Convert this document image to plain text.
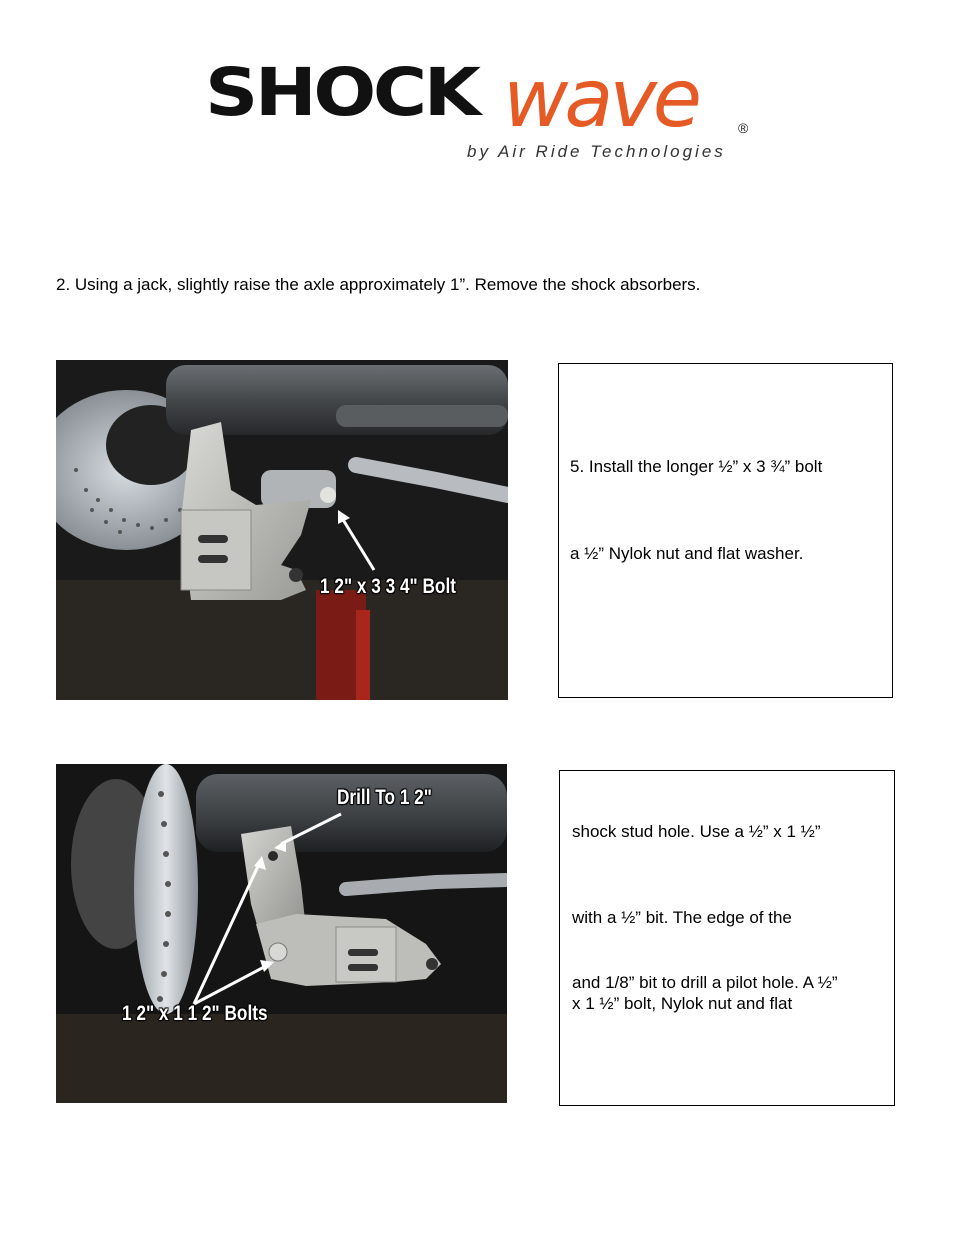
SHOCK wave	®
by Air Ride Technologies
2. Using a jack, slightly raise the axle approximately 1”. Remove the shock absorbers.
1 2" x 3 3 4" Bolt

5. Install the longer ½” x 3 ¾” bolt

a ½” Nylok nut and flat washer.

Drill To 1 2"
1 2" x 1 1 2" Bolts

shock stud hole. Use a ½” x 1 ½”

with a ½” bit. The edge of the

and 1/8” bit to drill a pilot hole. A ½”

x 1 ½” bolt, Nylok nut and flat
